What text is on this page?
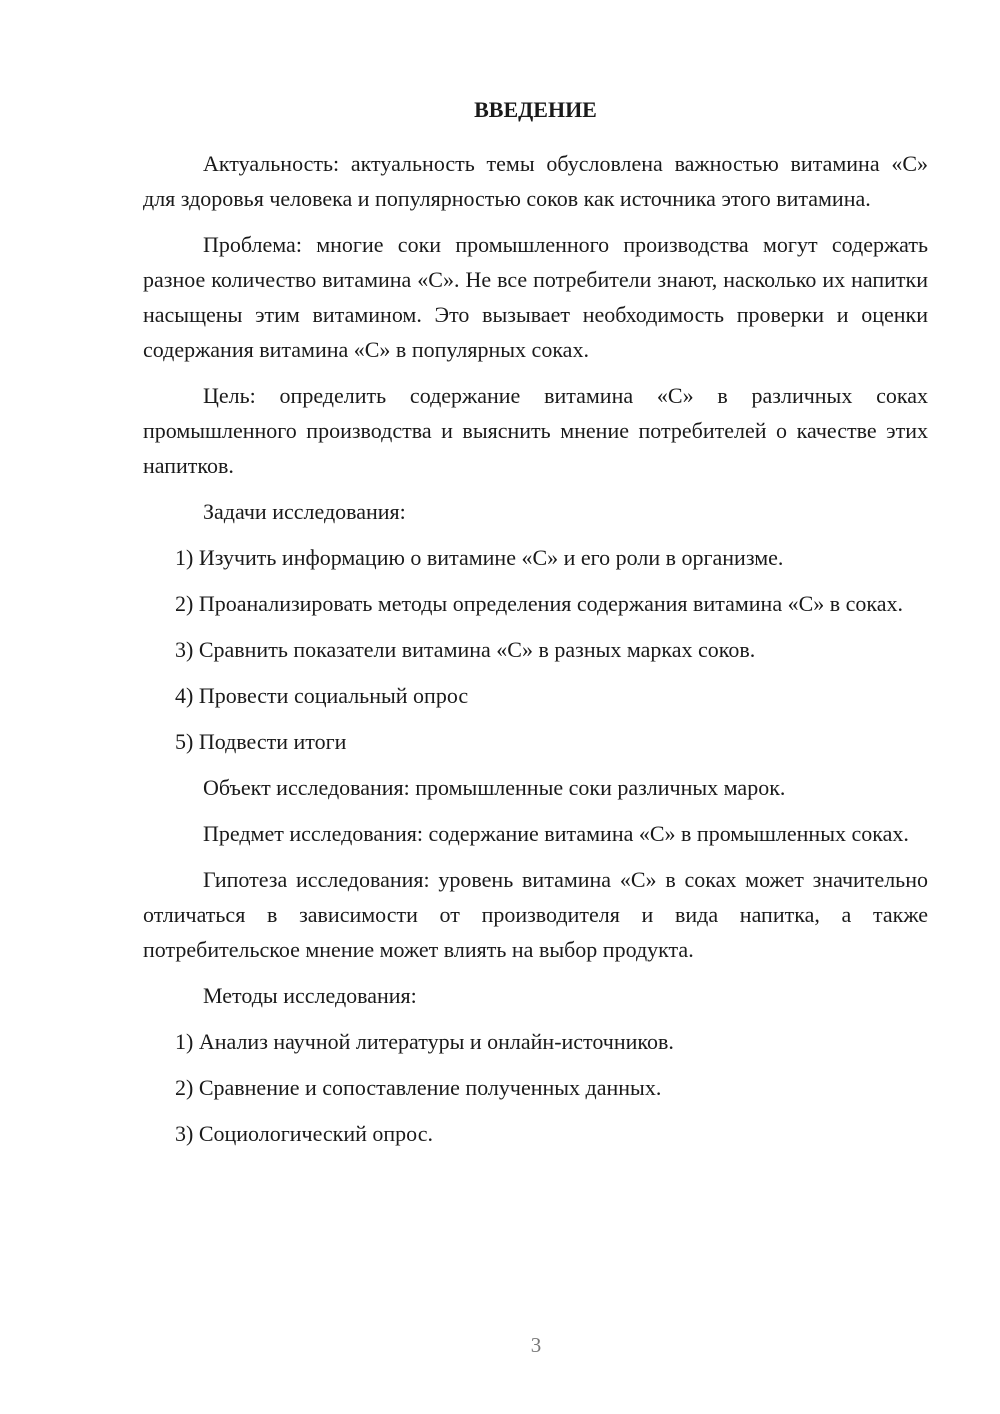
ВВЕДЕНИЕ

Актуальность: актуальность темы обусловлена важностью витамина «С» для здоровья человека и популярностью соков как источника этого витамина.

Проблема: многие соки промышленного производства могут содержать разное количество витамина «С». Не все потребители знают, насколько их напитки насыщены этим витамином. Это вызывает необходимость проверки и оценки содержания витамина «С» в популярных соках.

Цель: определить содержание витамина «С» в различных соках промышленного производства и выяснить мнение потребителей о качестве этих напитков.

Задачи исследования:

1) Изучить информацию о витамине «С» и его роли в организме.

2) Проанализировать методы определения содержания витамина «С» в соках.

3) Сравнить показатели витамина «С» в разных марках соков.

4) Провести социальный опрос

5) Подвести итоги

Объект исследования: промышленные соки различных марок.

Предмет исследования: содержание витамина «С» в промышленных соках.

Гипотеза исследования: уровень витамина «С» в соках может значительно отличаться в зависимости от производителя и вида напитка, а также потребительское мнение может влиять на выбор продукта.

Методы исследования:

1) Анализ научной литературы и онлайн-источников.

2) Сравнение и сопоставление полученных данных.

3) Социологический опрос.

3
